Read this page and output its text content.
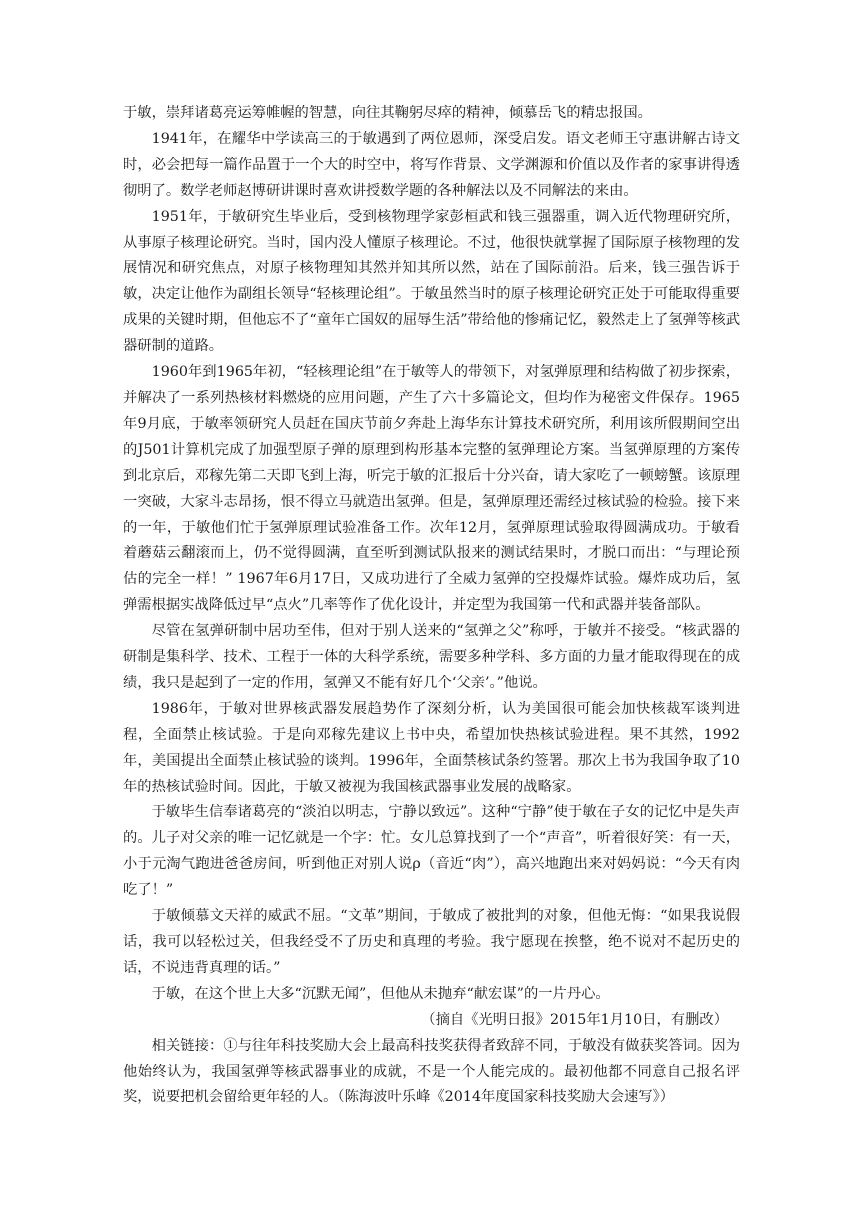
于敏，崇拜诸葛亮运筹帷幄的智慧，向往其鞠躬尽瘁的精神，倾慕岳飞的精忠报国。

1941年，在耀华中学读高三的于敏遇到了两位恩师，深受启发。语文老师王守惠讲解古诗文时，必会把每一篇作品置于一个大的时空中，将写作背景、文学渊源和价值以及作者的家事讲得透彻明了。数学老师赵博研讲课时喜欢讲授数学题的各种解法以及不同解法的来由。

1951年，于敏研究生毕业后，受到核物理学家彭桓武和钱三强器重，调入近代物理研究所，从事原子核理论研究。当时，国内没人懂原子核理论。不过，他很快就掌握了国际原子核物理的发展情况和研究焦点，对原子核物理知其然并知其所以然，站在了国际前沿。后来，钱三强告诉于敏，决定让他作为副组长领导“轻核理论组”。于敏虽然当时的原子核理论研究正处于可能取得重要成果的关键时期，但他忘不了“童年亡国奴的屈辱生活”带给他的惨痛记忆，毅然走上了氢弹等核武器研制的道路。

1960年到1965年初，“轻核理论组”在于敏等人的带领下，对氢弹原理和结构做了初步探索，并解决了一系列热核材料燃烧的应用问题，产生了六十多篇论文，但均作为秘密文件保存。1965年9月底，于敏率领研究人员赶在国庆节前夕奔赴上海华东计算技术研究所，利用该所假期间空出的J501计算机完成了加强型原子弹的原理到构形基本完整的氢弹理论方案。当氢弹原理的方案传到北京后，邓稼先第二天即飞到上海，听完于敏的汇报后十分兴奋，请大家吃了一顿螃蟹。该原理一突破，大家斗志昂扬，恨不得立马就造出氢弹。但是，氢弹原理还需经过核试验的检验。接下来的一年，于敏他们忙于氢弹原理试验准备工作。次年12月，氢弹原理试验取得圆满成功。于敏看着蘑菇云翻滚而上，仍不觉得圆满，直至听到测试队报来的测试结果时，才脱口而出：“与理论预估的完全一样！” 1967年6月17日，又成功进行了全威力氢弹的空投爆炸试验。爆炸成功后，氢弹需根据实战降低过早“点火”几率等作了优化设计，并定型为我国第一代和武器并装备部队。

尽管在氢弹研制中居功至伟，但对于别人送来的“氢弹之父”称呼，于敏并不接受。“核武器的研制是集科学、技术、工程于一体的大科学系统，需要多种学科、多方面的力量才能取得现在的成绩，我只是起到了一定的作用，氢弹又不能有好几个‘父亲’。”他说。

1986年，于敏对世界核武器发展趋势作了深刻分析，认为美国很可能会加快核裁军谈判进程，全面禁止核试验。于是向邓稼先建议上书中央，希望加快热核试验进程。果不其然，1992年，美国提出全面禁止核试验的谈判。1996年，全面禁核试条约签署。那次上书为我国争取了10年的热核试验时间。因此，于敏又被视为我国核武器事业发展的战略家。

于敏毕生信奉诸葛亮的“淡泊以明志，宁静以致远”。这种“宁静”使于敏在子女的记忆中是失声的。儿子对父亲的唯一记忆就是一个字：忙。女儿总算找到了一个“声音”，听着很好笑：有一天，小于元淘气跑进爸爸房间，听到他正对别人说ρ（音近“肉”），高兴地跑出来对妈妈说：“今天有肉吃了！”

于敏倾慕文天祥的威武不屈。“文革”期间，于敏成了被批判的对象，但他无悔：“如果我说假话，我可以轻松过关，但我经受不了历史和真理的考验。我宁愿现在挨整，绝不说对不起历史的话，不说违背真理的话。”

于敏，在这个世上大多“沉默无闻”，但他从未抛弃“献宏谋”的一片丹心。

（摘自《光明日报》2015年1月10日，有删改）

相关链接：①与往年科技奖励大会上最高科技奖获得者致辞不同，于敏没有做获奖答词。因为他始终认为，我国氢弹等核武器事业的成就，不是一个人能完成的。最初他都不同意自己报名评奖，说要把机会留给更年轻的人。（陈海波叶乐峰《2014年度国家科技奖励大会速写》）
